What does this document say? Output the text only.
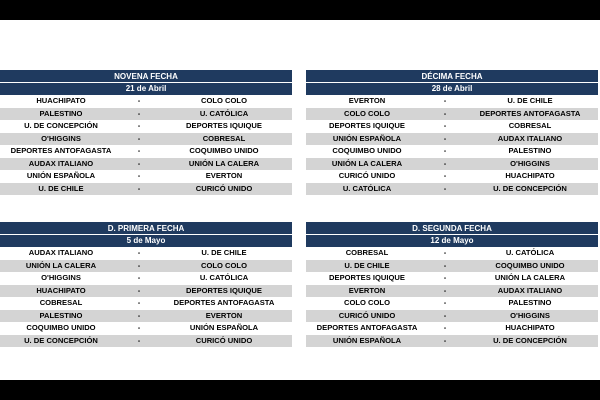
NOVENA FECHA
21 de Abril
HUACHIPATO	-	COLO COLO
PALESTINO	-	U. CATÓLICA
U. DE CONCEPCIÓN	-	DEPORTES IQUIQUE
O'HIGGINS	-	COBRESAL
DEPORTES ANTOFAGASTA	-	COQUIMBO UNIDO
AUDAX ITALIANO	-	UNIÓN LA CALERA
UNIÓN ESPAÑOLA	-	EVERTON
U. DE CHILE	-	CURICÓ UNIDO
DÉCIMA FECHA
28 de Abril
EVERTON	-	U. DE CHILE
COLO COLO	-	DEPORTES ANTOFAGASTA
DEPORTES IQUIQUE	-	COBRESAL
UNIÓN ESPAÑOLA	-	AUDAX ITALIANO
COQUIMBO UNIDO	-	PALESTINO
UNIÓN LA CALERA	-	O'HIGGINS
CURICÓ UNIDO	-	HUACHIPATO
U. CATÓLICA	-	U. DE CONCEPCIÓN
D. PRIMERA FECHA
5 de Mayo
AUDAX ITALIANO	-	U. DE CHILE
UNIÓN LA CALERA	-	COLO COLO
O'HIGGINS	-	U. CATÓLICA
HUACHIPATO	-	DEPORTES IQUIQUE
COBRESAL	-	DEPORTES ANTOFAGASTA
PALESTINO	-	EVERTON
COQUIMBO UNIDO	-	UNIÓN ESPAÑOLA
U. DE CONCEPCIÓN	-	CURICÓ UNIDO
D. SEGUNDA FECHA
12 de Mayo
COBRESAL	-	U. CATÓLICA
U. DE CHILE	-	COQUIMBO UNIDO
DEPORTES IQUIQUE	-	UNIÓN LA CALERA
EVERTON	-	AUDAX ITALIANO
COLO COLO	-	PALESTINO
CURICÓ UNIDO	-	O'HIGGINS
DEPORTES ANTOFAGASTA	-	HUACHIPATO
UNIÓN ESPAÑOLA	-	U. DE CONCEPCIÓN
